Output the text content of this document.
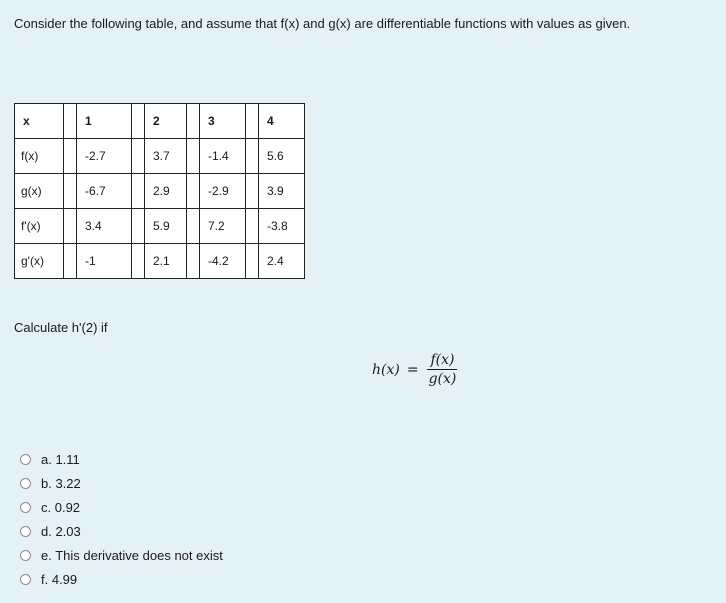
Consider the following table, and assume that f(x) and g(x) are differentiable functions with values as given.
x		1		2		3		4
f(x)		-2.7		3.7		-1.4		5.6
g(x)		-6.7		2.9		-2.9		3.9
f'(x)		3.4		5.9		7.2		-3.8
g'(x)		-1		2.1		-4.2		2.4
Calculate h'(2) if
$h(x) = \frac{f(x)}{g(x)}$
a. 1.11
b. 3.22
c. 0.92
d. 2.03
e. This derivative does not exist
f. 4.99
